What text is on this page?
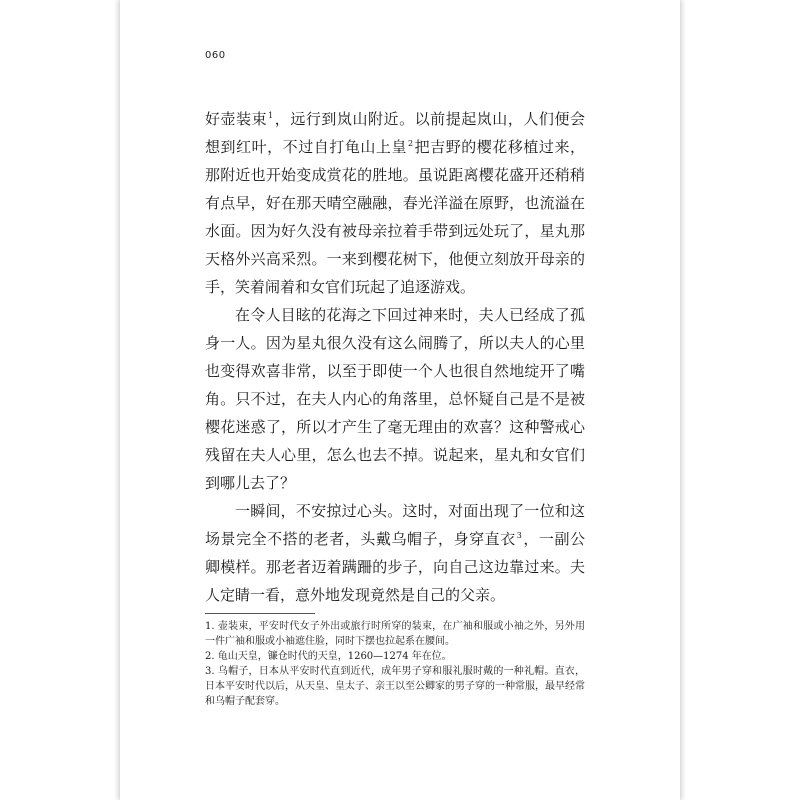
060

好壶装束$^1$，远行到岚山附近。以前提起岚山，人们便会想到红叶，不过自打龟山上皇$^2$把吉野的樱花移植过来，那附近也开始变成赏花的胜地。虽说距离樱花盛开还稍稍有点早，好在那天晴空融融，春光洋溢在原野，也流溢在水面。因为好久没有被母亲拉着手带到远处玩了，星丸那天格外兴高采烈。一来到樱花树下，他便立刻放开母亲的手，笑着闹着和女官们玩起了追逐游戏。

在令人目眩的花海之下回过神来时，夫人已经成了孤身一人。因为星丸很久没有这么闹腾了，所以夫人的心里也变得欢喜非常，以至于即使一个人也很自然地绽开了嘴角。只不过，在夫人内心的角落里，总怀疑自己是不是被樱花迷惑了，所以才产生了毫无理由的欢喜？这种警戒心残留在夫人心里，怎么也去不掉。说起来，星丸和女官们到哪儿去了？

一瞬间，不安掠过心头。这时，对面出现了一位和这场景完全不搭的老者，头戴乌帽子，身穿直衣$^3$，一副公卿模样。那老者迈着蹒跚的步子，向自己这边靠过来。夫人定睛一看，意外地发现竟然是自己的父亲。

1. 壶装束，平安时代女子外出或旅行时所穿的装束，在广袖和服或小袖之外，另外用一件广袖和服或小袖遮住脸，同时下摆也拉起系在腰间。

2. 龟山天皇，镰仓时代的天皇，1260—1274 年在位。

3. 乌帽子，日本从平安时代直到近代，成年男子穿和服礼服时戴的一种礼帽。直衣，日本平安时代以后，从天皇、皇太子、亲王以至公卿家的男子穿的一种常服，最早经常和乌帽子配套穿。
